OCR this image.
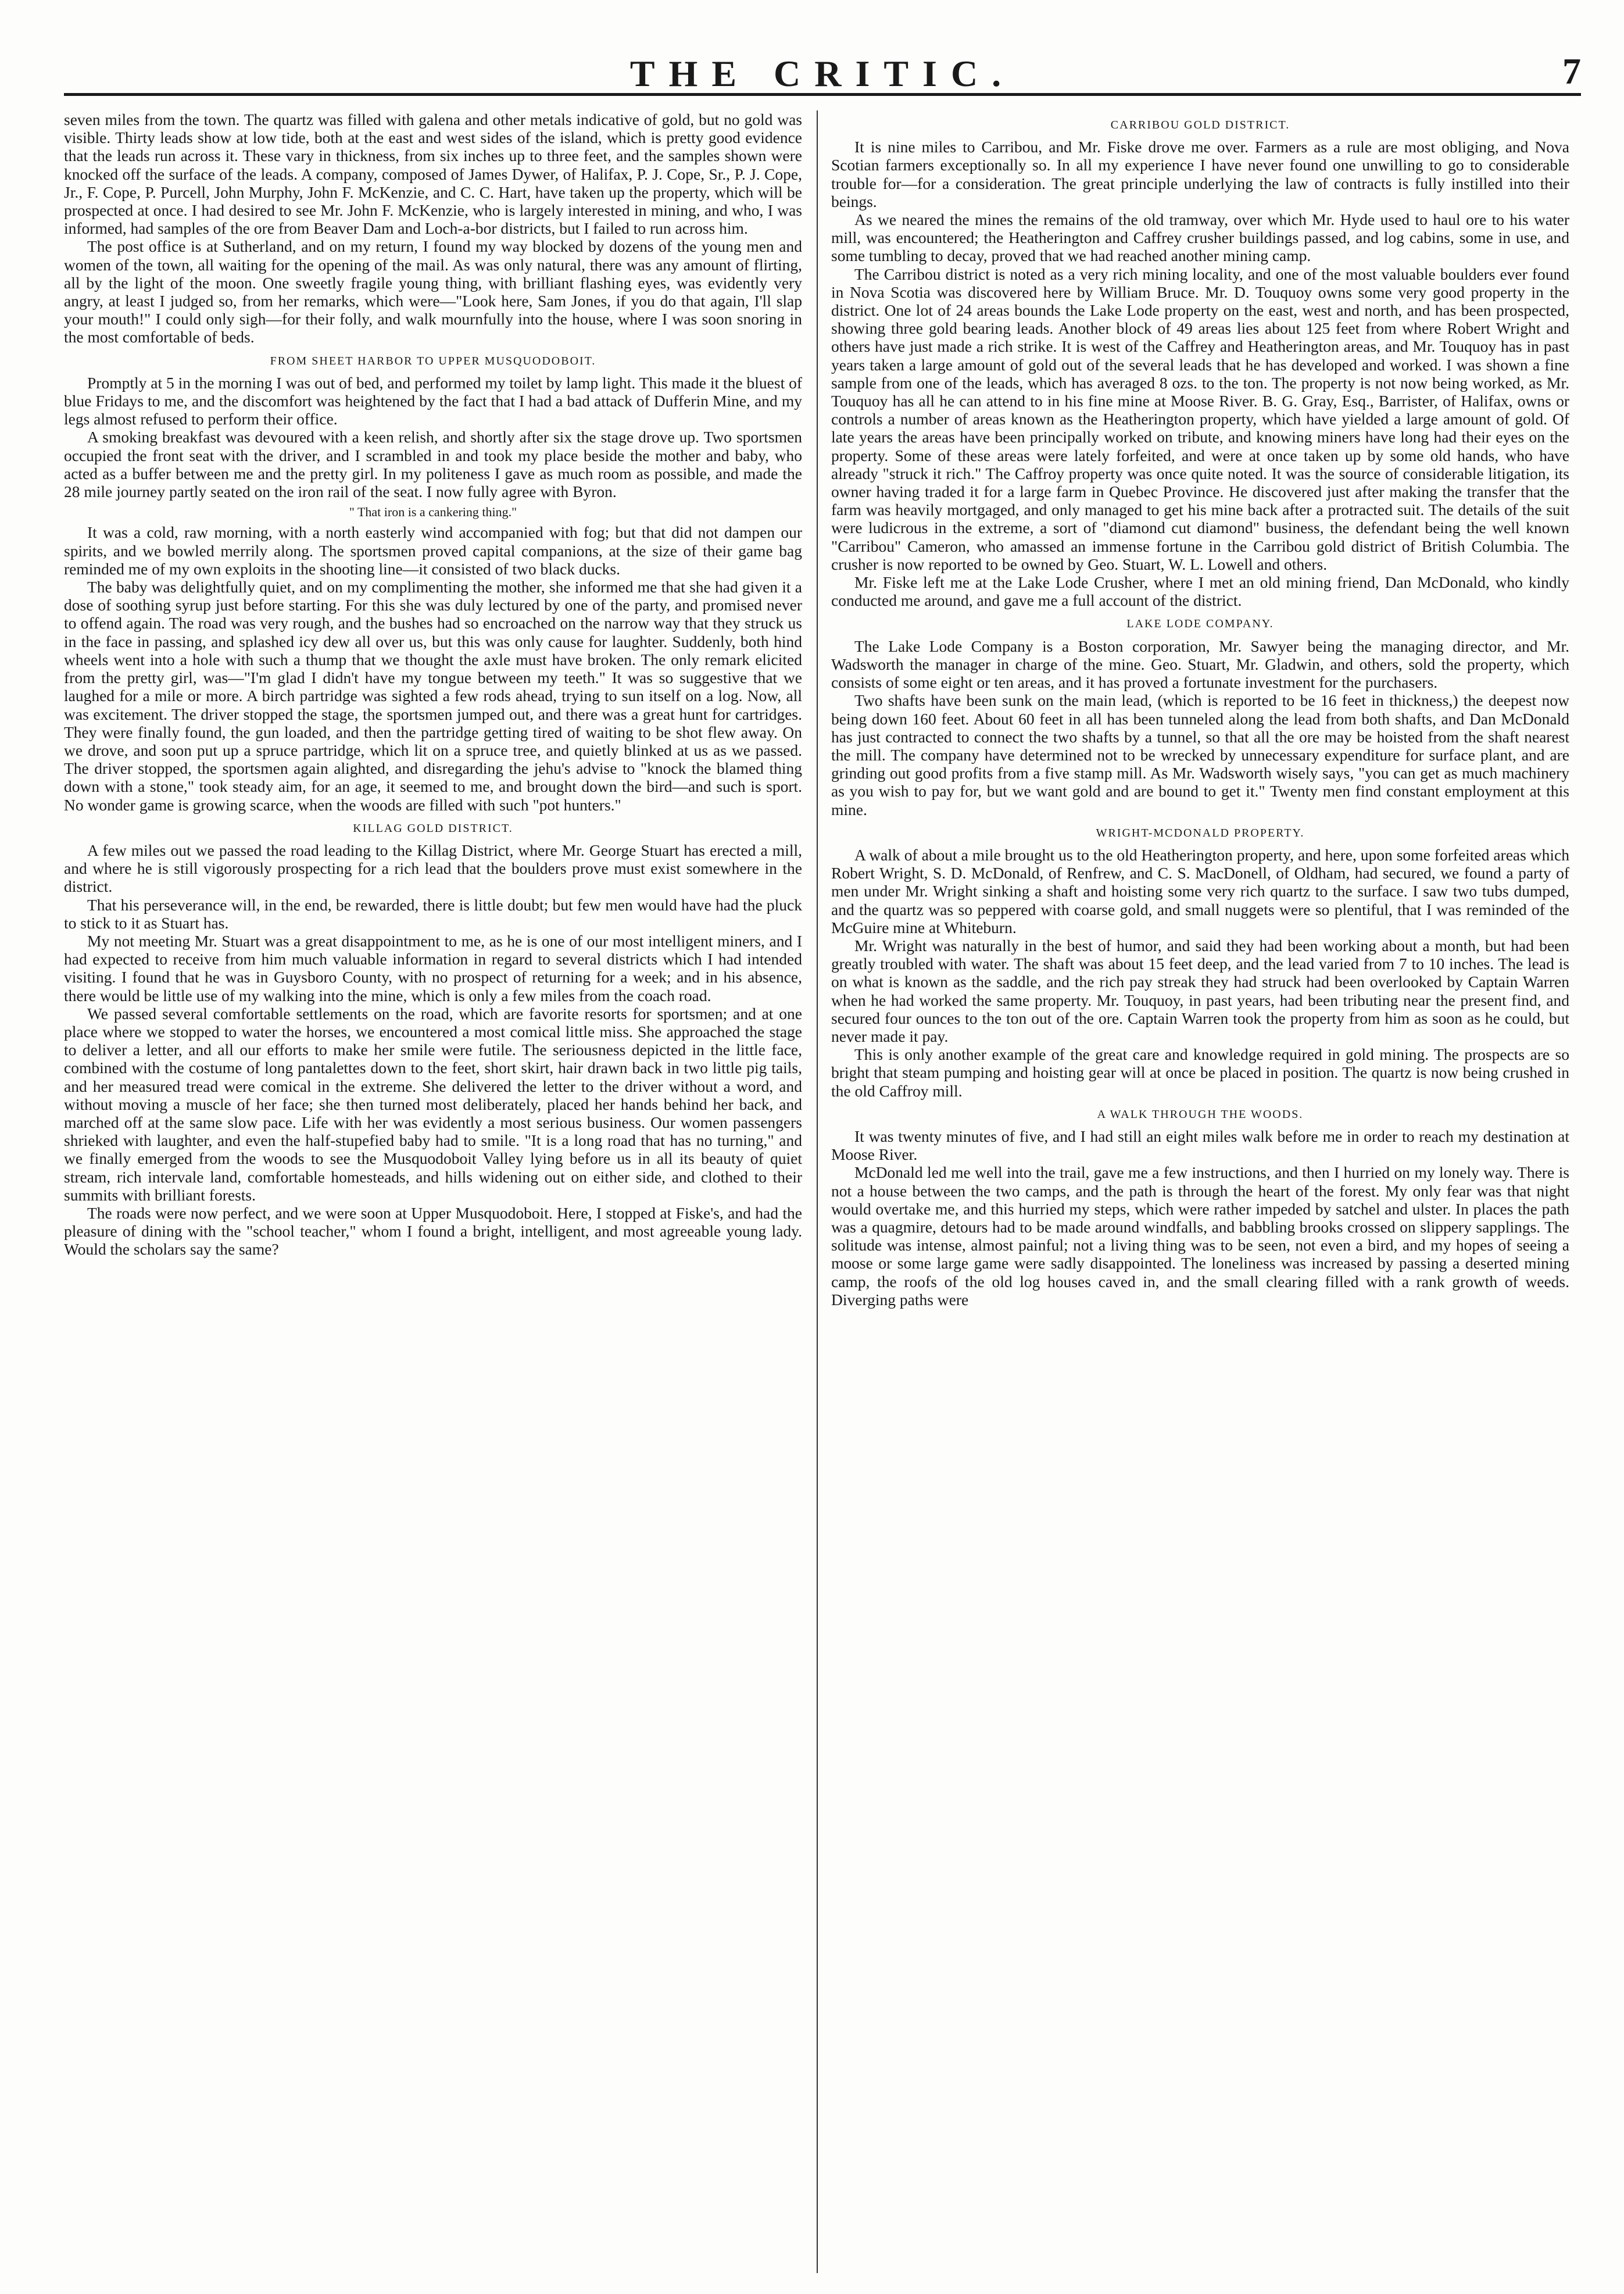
THE CRITIC.	7

seven miles from the town. The quartz was filled with galena and other metals indicative of gold, but no gold was visible. Thirty leads show at low tide, both at the east and west sides of the island, which is pretty good evidence that the leads run across it. These vary in thickness, from six inches up to three feet, and the samples shown were knocked off the surface of the leads. A company, composed of James Dywer, of Halifax, P. J. Cope, Sr., P. J. Cope, Jr., F. Cope, P. Purcell, John Murphy, John F. McKenzie, and C. C. Hart, have taken up the property, which will be prospected at once. I had desired to see Mr. John F. McKenzie, who is largely interested in mining, and who, I was informed, had samples of the ore from Beaver Dam and Loch-a-bor districts, but I failed to run across him.

The post office is at Sutherland, and on my return, I found my way blocked by dozens of the young men and women of the town, all waiting for the opening of the mail. As was only natural, there was any amount of flirting, all by the light of the moon. One sweetly fragile young thing, with brilliant flashing eyes, was evidently very angry, at least I judged so, from her remarks, which were—"Look here, Sam Jones, if you do that again, I'll slap your mouth!" I could only sigh—for their folly, and walk mournfully into the house, where I was soon snoring in the most comfortable of beds.

FROM SHEET HARBOR TO UPPER MUSQUODOBOIT.

Promptly at 5 in the morning I was out of bed, and performed my toilet by lamp light. This made it the bluest of blue Fridays to me, and the discomfort was heightened by the fact that I had a bad attack of Dufferin Mine, and my legs almost refused to perform their office.

A smoking breakfast was devoured with a keen relish, and shortly after six the stage drove up. Two sportsmen occupied the front seat with the driver, and I scrambled in and took my place beside the mother and baby, who acted as a buffer between me and the pretty girl. In my politeness I gave as much room as possible, and made the 28 mile journey partly seated on the iron rail of the seat. I now fully agree with Byron.

" That iron is a cankering thing."

It was a cold, raw morning, with a north easterly wind accompanied with fog; but that did not dampen our spirits, and we bowled merrily along. The sportsmen proved capital companions, at the size of their game bag reminded me of my own exploits in the shooting line—it consisted of two black ducks.

The baby was delightfully quiet, and on my complimenting the mother, she informed me that she had given it a dose of soothing syrup just before starting. For this she was duly lectured by one of the party, and promised never to offend again. The road was very rough, and the bushes had so encroached on the narrow way that they struck us in the face in passing, and splashed icy dew all over us, but this was only cause for laughter. Suddenly, both hind wheels went into a hole with such a thump that we thought the axle must have broken. The only remark elicited from the pretty girl, was—"I'm glad I didn't have my tongue between my teeth." It was so suggestive that we laughed for a mile or more. A birch partridge was sighted a few rods ahead, trying to sun itself on a log. Now, all was excitement. The driver stopped the stage, the sportsmen jumped out, and there was a great hunt for cartridges. They were finally found, the gun loaded, and then the partridge getting tired of waiting to be shot flew away. On we drove, and soon put up a spruce partridge, which lit on a spruce tree, and quietly blinked at us as we passed. The driver stopped, the sportsmen again alighted, and disregarding the jehu's advise to "knock the blamed thing down with a stone," took steady aim, for an age, it seemed to me, and brought down the bird—and such is sport. No wonder game is growing scarce, when the woods are filled with such "pot hunters."

KILLAG GOLD DISTRICT.

A few miles out we passed the road leading to the Killag District, where Mr. George Stuart has erected a mill, and where he is still vigorously prospecting for a rich lead that the boulders prove must exist somewhere in the district.

That his perseverance will, in the end, be rewarded, there is little doubt; but few men would have had the pluck to stick to it as Stuart has.

My not meeting Mr. Stuart was a great disappointment to me, as he is one of our most intelligent miners, and I had expected to receive from him much valuable information in regard to several districts which I had intended visiting. I found that he was in Guysboro County, with no prospect of returning for a week; and in his absence, there would be little use of my walking into the mine, which is only a few miles from the coach road.

We passed several comfortable settlements on the road, which are favorite resorts for sportsmen; and at one place where we stopped to water the horses, we encountered a most comical little miss. She approached the stage to deliver a letter, and all our efforts to make her smile were futile. The seriousness depicted in the little face, combined with the costume of long pantalettes down to the feet, short skirt, hair drawn back in two little pig tails, and her measured tread were comical in the extreme. She delivered the letter to the driver without a word, and without moving a muscle of her face; she then turned most deliberately, placed her hands behind her back, and marched off at the same slow pace. Life with her was evidently a most serious business. Our women passengers shrieked with laughter, and even the half-stupefied baby had to smile. "It is a long road that has no turning," and we finally emerged from the woods to see the Musquodoboit Valley lying before us in all its beauty of quiet stream, rich intervale land, comfortable homesteads, and hills widening out on either side, and clothed to their summits with brilliant forests.

The roads were now perfect, and we were soon at Upper Musquodoboit. Here, I stopped at Fiske's, and had the pleasure of dining with the "school teacher," whom I found a bright, intelligent, and most agreeable young lady. Would the scholars say the same?

CARRIBOU GOLD DISTRICT.

It is nine miles to Carribou, and Mr. Fiske drove me over. Farmers as a rule are most obliging, and Nova Scotian farmers exceptionally so. In all my experience I have never found one unwilling to go to considerable trouble for—for a consideration. The great principle underlying the law of contracts is fully instilled into their beings.

As we neared the mines the remains of the old tramway, over which Mr. Hyde used to haul ore to his water mill, was encountered; the Heatherington and Caffrey crusher buildings passed, and log cabins, some in use, and some tumbling to decay, proved that we had reached another mining camp.

The Carribou district is noted as a very rich mining locality, and one of the most valuable boulders ever found in Nova Scotia was discovered here by William Bruce. Mr. D. Touquoy owns some very good property in the district. One lot of 24 areas bounds the Lake Lode property on the east, west and north, and has been prospected, showing three gold bearing leads. Another block of 49 areas lies about 125 feet from where Robert Wright and others have just made a rich strike. It is west of the Caffrey and Heatherington areas, and Mr. Touquoy has in past years taken a large amount of gold out of the several leads that he has developed and worked. I was shown a fine sample from one of the leads, which has averaged 8 ozs. to the ton. The property is not now being worked, as Mr. Touquoy has all he can attend to in his fine mine at Moose River. B. G. Gray, Esq., Barrister, of Halifax, owns or controls a number of areas known as the Heatherington property, which have yielded a large amount of gold. Of late years the areas have been principally worked on tribute, and knowing miners have long had their eyes on the property. Some of these areas were lately forfeited, and were at once taken up by some old hands, who have already "struck it rich." The Caffroy property was once quite noted. It was the source of considerable litigation, its owner having traded it for a large farm in Quebec Province. He discovered just after making the transfer that the farm was heavily mortgaged, and only managed to get his mine back after a protracted suit. The details of the suit were ludicrous in the extreme, a sort of "diamond cut diamond" business, the defendant being the well known "Carribou" Cameron, who amassed an immense fortune in the Carribou gold district of British Columbia. The crusher is now reported to be owned by Geo. Stuart, W. L. Lowell and others.

Mr. Fiske left me at the Lake Lode Crusher, where I met an old mining friend, Dan McDonald, who kindly conducted me around, and gave me a full account of the district.

LAKE LODE COMPANY.

The Lake Lode Company is a Boston corporation, Mr. Sawyer being the managing director, and Mr. Wadsworth the manager in charge of the mine. Geo. Stuart, Mr. Gladwin, and others, sold the property, which consists of some eight or ten areas, and it has proved a fortunate investment for the purchasers.

Two shafts have been sunk on the main lead, (which is reported to be 16 feet in thickness,) the deepest now being down 160 feet. About 60 feet in all has been tunneled along the lead from both shafts, and Dan McDonald has just contracted to connect the two shafts by a tunnel, so that all the ore may be hoisted from the shaft nearest the mill. The company have determined not to be wrecked by unnecessary expenditure for surface plant, and are grinding out good profits from a five stamp mill. As Mr. Wadsworth wisely says, "you can get as much machinery as you wish to pay for, but we want gold and are bound to get it." Twenty men find constant employment at this mine.

WRIGHT-MCDONALD PROPERTY.

A walk of about a mile brought us to the old Heatherington property, and here, upon some forfeited areas which Robert Wright, S. D. McDonald, of Renfrew, and C. S. MacDonell, of Oldham, had secured, we found a party of men under Mr. Wright sinking a shaft and hoisting some very rich quartz to the surface. I saw two tubs dumped, and the quartz was so peppered with coarse gold, and small nuggets were so plentiful, that I was reminded of the McGuire mine at Whiteburn.

Mr. Wright was naturally in the best of humor, and said they had been working about a month, but had been greatly troubled with water. The shaft was about 15 feet deep, and the lead varied from 7 to 10 inches. The lead is on what is known as the saddle, and the rich pay streak they had struck had been overlooked by Captain Warren when he had worked the same property. Mr. Touquoy, in past years, had been tributing near the present find, and secured four ounces to the ton out of the ore. Captain Warren took the property from him as soon as he could, but never made it pay.

This is only another example of the great care and knowledge required in gold mining. The prospects are so bright that steam pumping and hoisting gear will at once be placed in position. The quartz is now being crushed in the old Caffroy mill.

A WALK THROUGH THE WOODS.

It was twenty minutes of five, and I had still an eight miles walk before me in order to reach my destination at Moose River.

McDonald led me well into the trail, gave me a few instructions, and then I hurried on my lonely way. There is not a house between the two camps, and the path is through the heart of the forest. My only fear was that night would overtake me, and this hurried my steps, which were rather impeded by satchel and ulster. In places the path was a quagmire, detours had to be made around windfalls, and babbling brooks crossed on slippery sapplings. The solitude was intense, almost painful; not a living thing was to be seen, not even a bird, and my hopes of seeing a moose or some large game were sadly disappointed. The loneliness was increased by passing a deserted mining camp, the roofs of the old log houses caved in, and the small clearing filled with a rank growth of weeds. Diverging paths were
